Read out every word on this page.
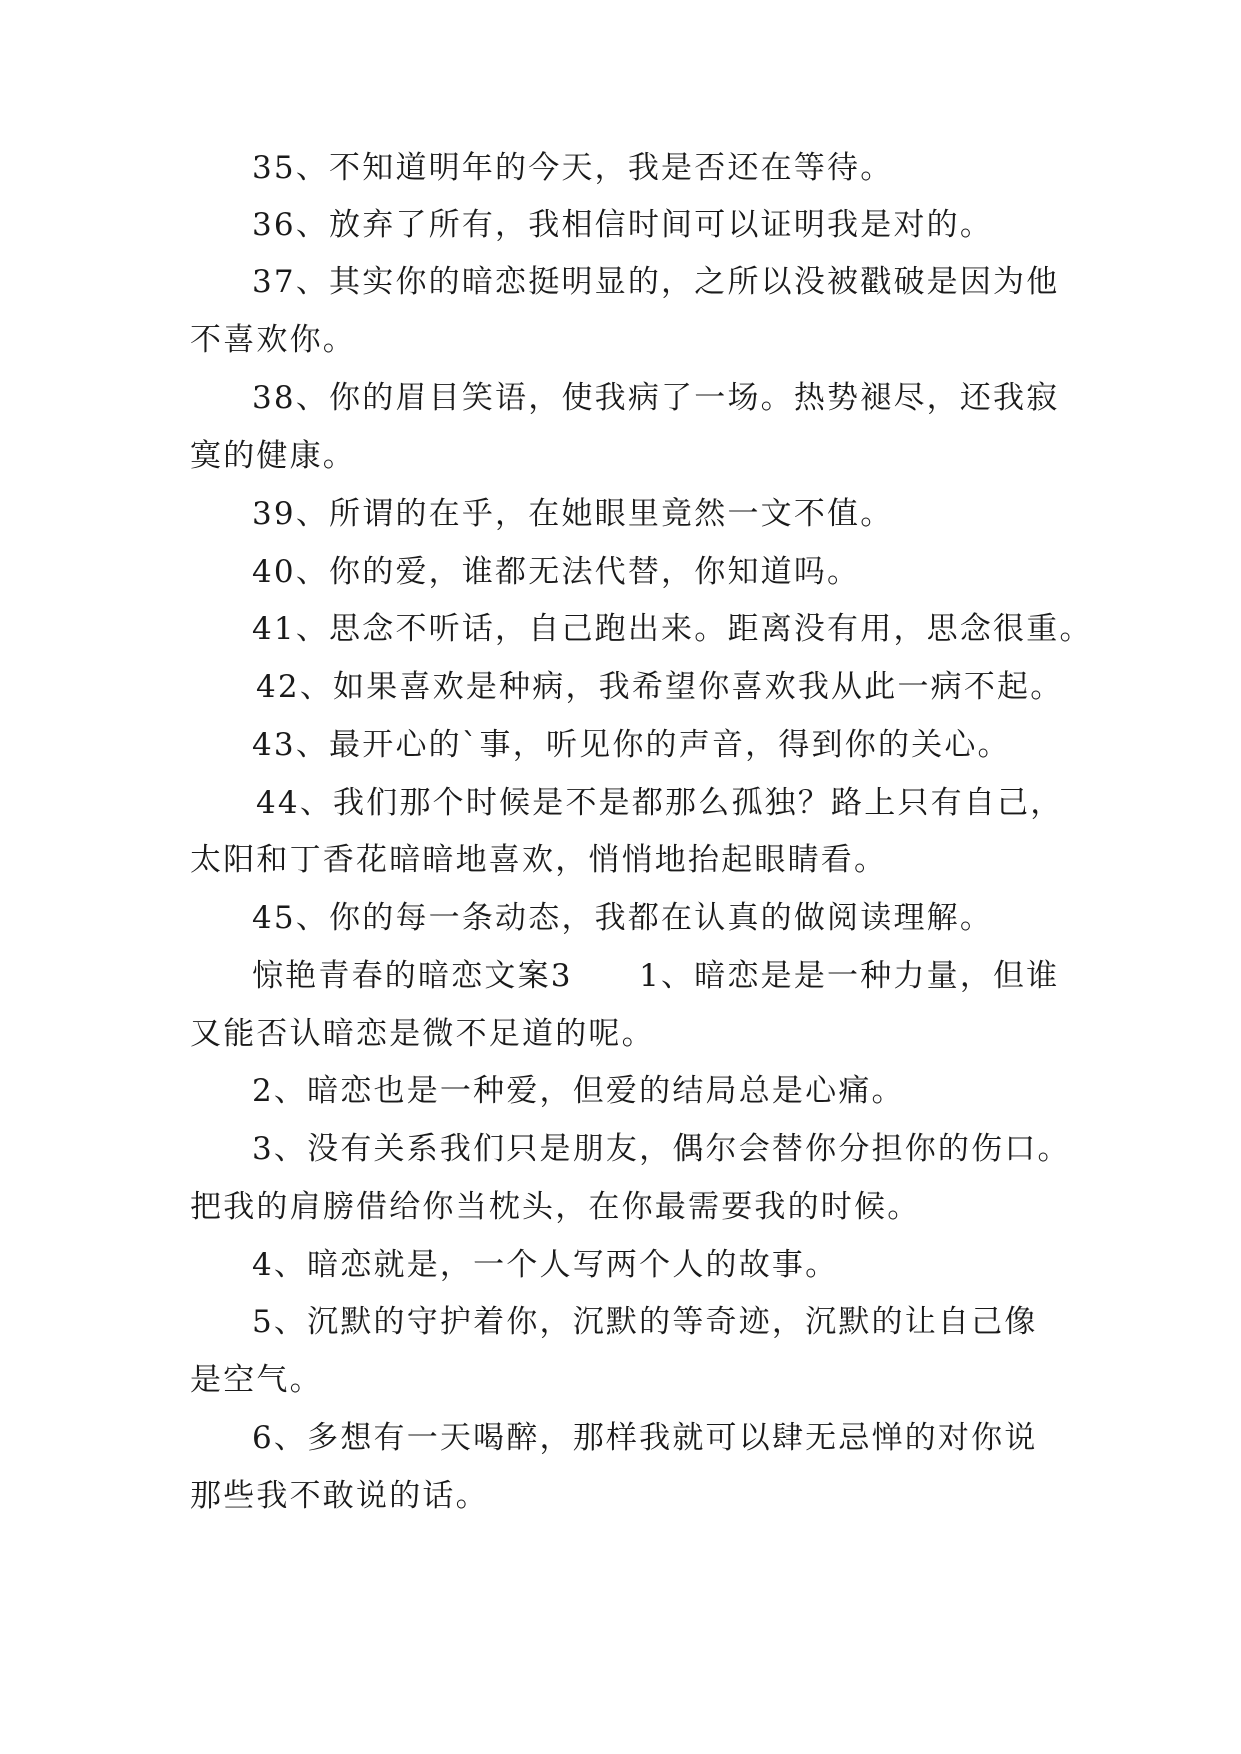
35、不知道明年的今天，我是否还在等待。

36、放弃了所有，我相信时间可以证明我是对的。

37、其实你的暗恋挺明显的，之所以没被戳破是因为他

不喜欢你。

38、你的眉目笑语，使我病了一场。热势褪尽，还我寂

寞的健康。

39、所谓的在乎，在她眼里竟然一文不值。

40、你的爱，谁都无法代替，你知道吗。

41、思念不听话，自己跑出来。距离没有用，思念很重。

42、如果喜欢是种病，我希望你喜欢我从此一病不起。

43、最开心的`事，听见你的声音，得到你的关心。

44、我们那个时候是不是都那么孤独？路上只有自己，

太阳和丁香花暗暗地喜欢，悄悄地抬起眼睛看。

45、你的每一条动态，我都在认真的做阅读理解。

惊艳青春的暗恋文案3　　1、暗恋是是一种力量，但谁

又能否认暗恋是微不足道的呢。

2、暗恋也是一种爱，但爱的结局总是心痛。

3、没有关系我们只是朋友，偶尔会替你分担你的伤口。

把我的肩膀借给你当枕头，在你最需要我的时候。

4、暗恋就是，一个人写两个人的故事。

5、沉默的守护着你，沉默的等奇迹，沉默的让自己像

是空气。

6、多想有一天喝醉，那样我就可以肆无忌惮的对你说

那些我不敢说的话。
